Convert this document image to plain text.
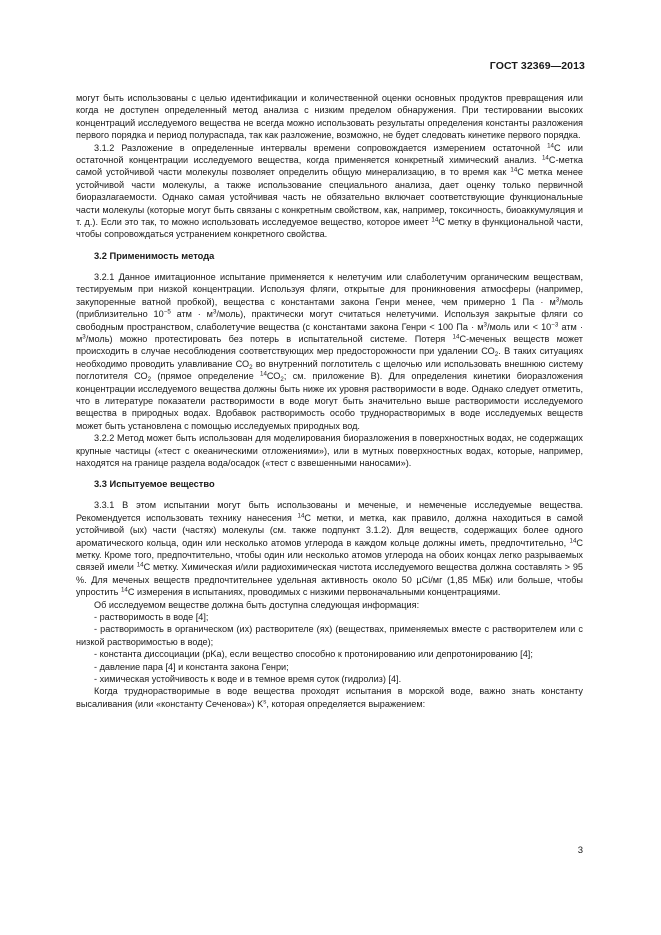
ГОСТ 32369—2013

могут быть использованы с целью идентификации и количественной оценки основных продуктов превращения или когда не доступен определенный метод анализа с низким пределом обнаружения. При тестировании высоких концентраций исследуемого вещества не всегда можно использовать результаты определения константы разложения первого порядка и период полураспада, так как разложение, возможно, не будет следовать кинетике первого порядка.

3.1.2 Разложение в определенные интервалы времени сопровождается измерением остаточной $^{14}$С или остаточной концентрации исследуемого вещества, когда применяется конкретный химический анализ. $^{14}$С-метка самой устойчивой части молекулы позволяет определить общую минерализацию, в то время как $^{14}$С метка менее устойчивой части молекулы, а также использование специального анализа, дает оценку только первичной биоразлагаемости. Однако самая устойчивая часть не обязательно включает соответствующие функциональные части молекулы (которые могут быть связаны с конкретным свойством, как, например, токсичность, биоаккумуляция и т. д.). Если это так, то можно использовать исследуемое вещество, которое имеет $^{14}$С метку в функциональной части, чтобы сопровождаться устранением конкретного свойства.

3.2 Применимость метода

3.2.1 Данное имитационное испытание применяется к нелетучим или слаболетучим органическим веществам, тестируемым при низкой концентрации. Используя фляги, открытые для проникновения атмосферы (например, закупоренные ватной пробкой), вещества с константами закона Генри менее, чем примерно 1 Па · $м^3$/моль (приблизительно $10^{-5}$ атм · $м^3/моль$), практически могут считаться нелетучими. Используя закрытые фляги со свободным пространством, слаболетучие вещества (с константами закона Генри < 100 Па · $м^3$/моль или < $10^{-3}$ атм · $м^3/моль$) можно протестировать без потерь в испытательной системе. Потеря $^{14}$С-меченых веществ может происходить в случае несоблюдения соответствующих мер предосторожности при удалении $СО_2$. В таких ситуациях необходимо проводить улавливание $СО_2$ во внутренний поглотитель с щелочью или использовать внешнюю систему поглотителя $СО_2$ (прямое определение $^{14}СО_2$; см. приложение В). Для определения кинетики биоразложения концентрации исследуемого вещества должны быть ниже их уровня растворимости в воде. Однако следует отметить, что в литературе показатели растворимости в воде могут быть значительно выше растворимости исследуемого вещества в природных водах. Вдобавок растворимость особо труднорастворимых в воде исследуемых веществ может быть установлена с помощью исследуемых природных вод.

3.2.2 Метод может быть использован для моделирования биоразложения в поверхностных водах, не содержащих крупные частицы («тест с океаническими отложениями»), или в мутных поверхностных водах, которые, например, находятся на границе раздела вода/осадок («тест с взвешенными наносами»).

3.3 Испытуемое вещество

3.3.1 В этом испытании могут быть использованы и меченые, и немеченые исследуемые вещества. Рекомендуется использовать технику нанесения $^{14}$С метки, и метка, как правило, должна находиться в самой устойчивой (ых) части (частях) молекулы (см. также подпункт 3.1.2). Для веществ, содержащих более одного ароматического кольца, один или несколько атомов углерода в каждом кольце должны иметь, предпочтительно, $^{14}$С метку. Кроме того, предпочтительно, чтобы один или несколько атомов углерода на обоих концах легко разрываемых связей имели $^{14}$С метку. Химическая и/или радиохимическая чистота исследуемого вещества должна составлять > 95 %. Для меченых веществ предпочтительнее удельная активность около 50 µCi/мг (1,85 МБк) или больше, чтобы упростить $^{14}$С измерения в испытаниях, проводимых с низкими первоначальными концентрациями.

Об исследуемом веществе должна быть доступна следующая информация:

- растворимость в воде [4];

- растворимость в органическом (их) растворителе (ях) (веществах, применяемых вместе с растворителем или с низкой растворимостью в воде);

- константа диссоциации (pKa), если вещество способно к протонированию или депротонированию [4];

- давление пара [4] и константа закона Генри;

- химическая устойчивость к воде и в темное время суток (гидролиз) [4].

Когда труднорастворимые в воде вещества проходят испытания в морской воде, важно знать константу высаливания (или «константу Сеченова») $K^s$, которая определяется выражением:

3
